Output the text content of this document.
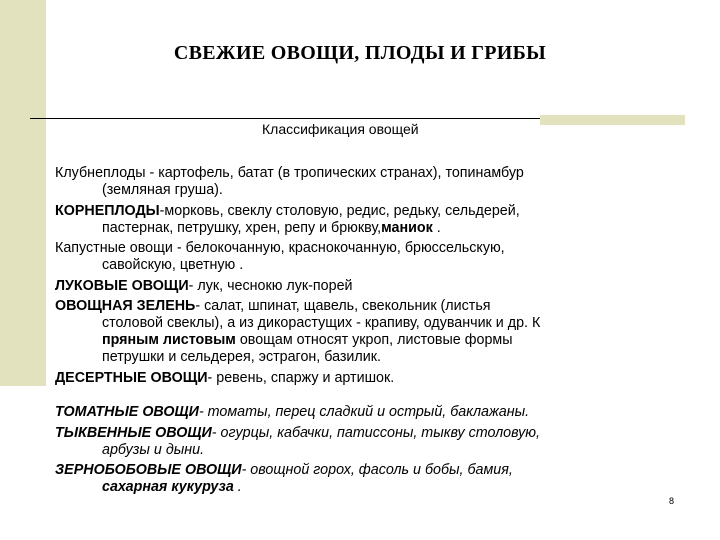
СВЕЖИЕ ОВОЩИ, ПЛОДЫ И ГРИБЫ
Классификация овощей
Клубнеплоды - картофель, батат (в тропических странах), топинамбур
(земляная груша).
КОРНЕПЛОДЫ-морковь, свеклу столовую, редис, редьку, сельдерей,
пастернак, петрушку, хрен, репу и брюкву,маниок .
Капустные овощи - белокочанную, краснокочанную, брюссельскую,
савойскую, цветную .
ЛУКОВЫЕ ОВОЩИ- лук, чеснокю лук-порей
ОВОЩНАЯ ЗЕЛЕНЬ- салат, шпинат, щавель, свекольник (листья
столовой свеклы), а из дикорастущих - крапиву, одуванчик и др. К
пряным листовым овощам относят укроп, листовые формы
петрушки и сельдерея, эстрагон, базилик.
ДЕСЕРТНЫЕ ОВОЩИ- ревень, спаржу и артишок.
ТОМАТНЫЕ ОВОЩИ- томаты, перец сладкий и острый, баклажаны.
ТЫКВЕННЫЕ ОВОЩИ- огурцы, кабачки, патиссоны, тыкву столовую,
арбузы и дыни.
ЗЕРНОБОБОВЫЕ ОВОЩИ- овощной горох, фасоль и бобы, бамия,
сахарная кукуруза .
8
